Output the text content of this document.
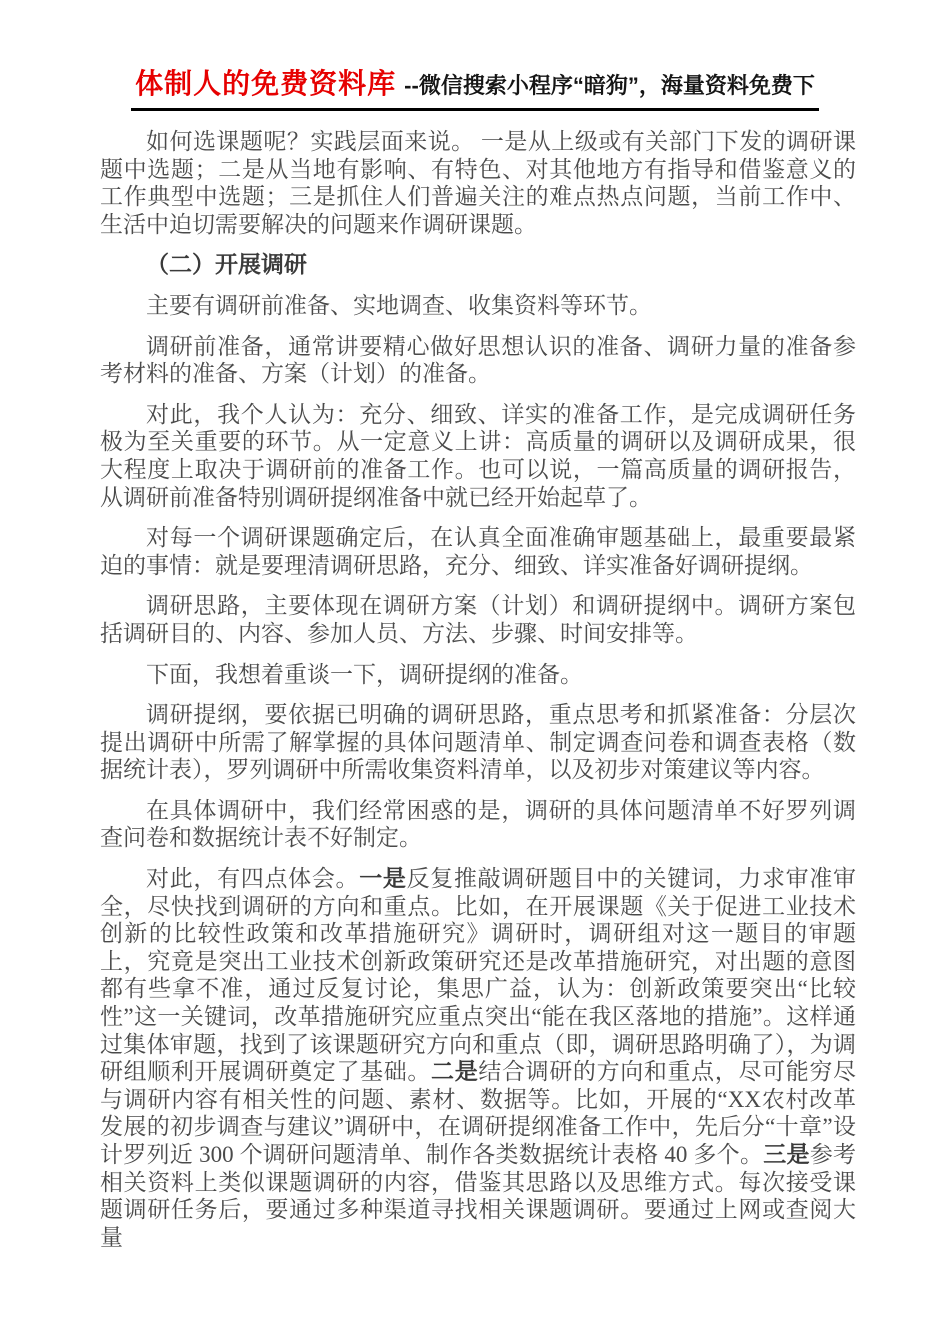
体制人的免费资料库 --微信搜索小程序“暗狗”，海量资料免费下

如何选课题呢？实践层面来说。 一是从上级或有关部门下发的调研课题中选题；二是从当地有影响、有特色、对其他地方有指导和借鉴意义的工作典型中选题；三是抓住人们普遍关注的难点热点问题，当前工作中、生活中迫切需要解决的问题来作调研课题。

（二）开展调研

主要有调研前准备、实地调查、收集资料等环节。

调研前准备，通常讲要精心做好思想认识的准备、调研力量的准备参考材料的准备、方案（计划）的准备。

对此，我个人认为：充分、细致、详实的准备工作，是完成调研任务极为至关重要的环节。从一定意义上讲：高质量的调研以及调研成果，很大程度上取决于调研前的准备工作。也可以说，一篇高质量的调研报告，从调研前准备特别调研提纲准备中就已经开始起草了。

对每一个调研课题确定后，在认真全面准确审题基础上，最重要最紧迫的事情：就是要理清调研思路，充分、细致、详实准备好调研提纲。

调研思路，主要体现在调研方案（计划）和调研提纲中。调研方案包括调研目的、内容、参加人员、方法、步骤、时间安排等。

下面，我想着重谈一下，调研提纲的准备。

调研提纲，要依据已明确的调研思路，重点思考和抓紧准备：分层次提出调研中所需了解掌握的具体问题清单、制定调查问卷和调查表格（数据统计表），罗列调研中所需收集资料清单，以及初步对策建议等内容。

在具体调研中，我们经常困惑的是，调研的具体问题清单不好罗列调查问卷和数据统计表不好制定。

对此，有四点体会。一是反复推敲调研题目中的关键词，力求审准审全，尽快找到调研的方向和重点。比如，在开展课题《关于促进工业技术创新的比较性政策和改革措施研究》调研时，调研组对这一题目的审题上，究竟是突出工业技术创新政策研究还是改革措施研究，对出题的意图都有些拿不准，通过反复讨论，集思广益，认为：创新政策要突出“比较性”这一关键词，改革措施研究应重点突出“能在我区落地的措施”。这样通过集体审题，找到了该课题研究方向和重点（即，调研思路明确了），为调研组顺利开展调研奠定了基础。二是结合调研的方向和重点，尽可能穷尽与调研内容有相关性的问题、素材、数据等。比如，开展的“XX农村改革发展的初步调查与建议”调研中，在调研提纲准备工作中，先后分“十章”设计罗列近 300 个调研问题清单、制作各类数据统计表格 40 多个。三是参考相关资料上类似课题调研的内容，借鉴其思路以及思维方式。每次接受课题调研任务后，要通过多种渠道寻找相关课题调研。要通过上网或查阅大量
